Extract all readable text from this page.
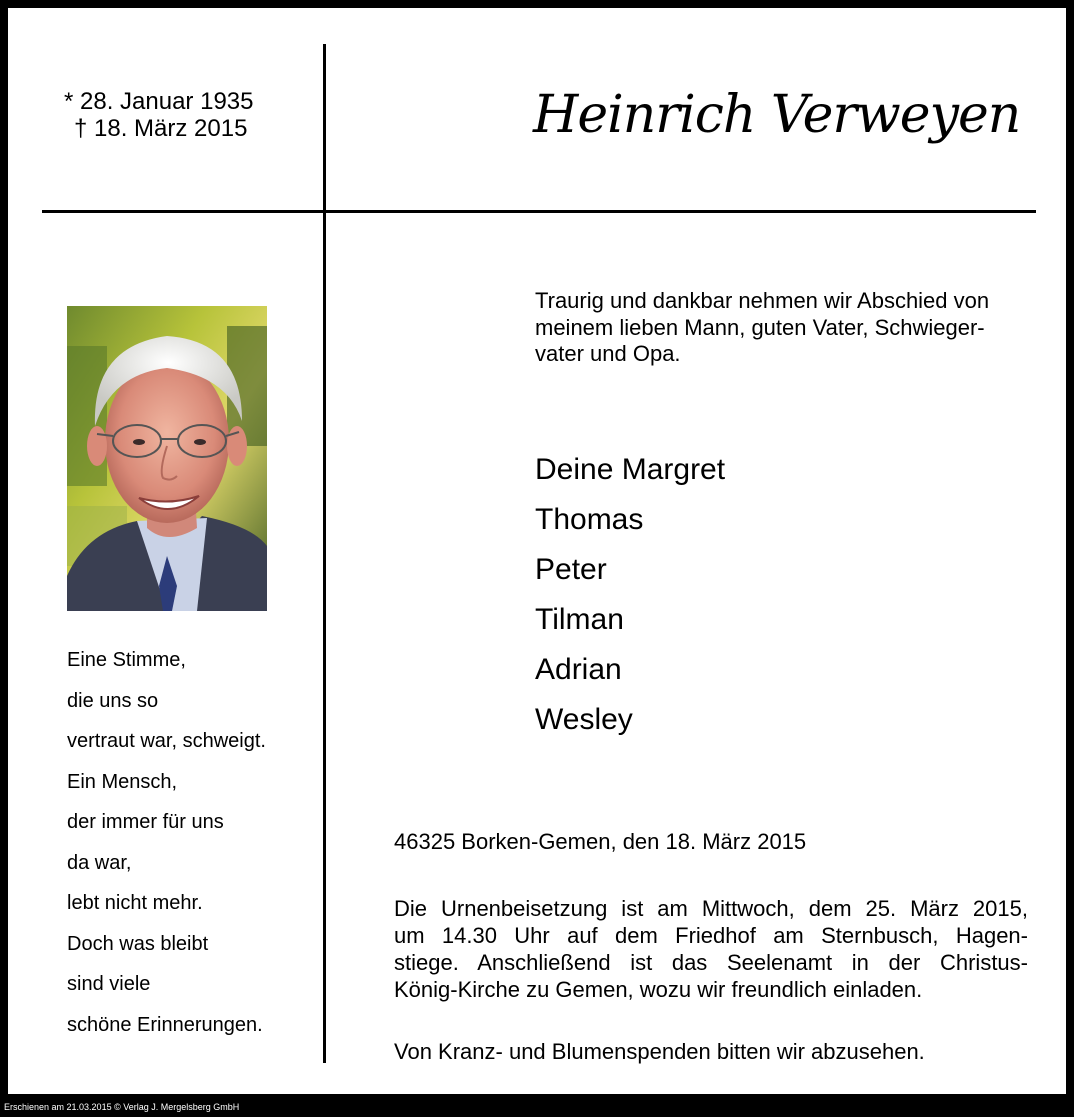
* 28. Januar 1935
† 18. März 2015	Heinrich Verweyen
Eine Stimme,
die uns so
vertraut war, schweigt.
Ein Mensch,
der immer für uns
da war,
lebt nicht mehr.
Doch was bleibt
sind viele
schöne Erinnerungen.
Traurig und dankbar nehmen wir Abschied von
meinem lieben Mann, guten Vater, Schwieger-
vater und Opa.
Deine Margret
Thomas
Peter
Tilman
Adrian
Wesley
46325 Borken-Gemen, den 18. März 2015
Die Urnenbeisetzung ist am Mittwoch, dem 25. März 2015,
um 14.30 Uhr auf dem Friedhof am Sternbusch, Hagen-
stiege. Anschließend ist das Seelenamt in der Christus-
König-Kirche zu Gemen, wozu wir freundlich einladen.
Von Kranz- und Blumenspenden bitten wir abzusehen.
Erschienen am 21.03.2015 © Verlag J. Mergelsberg GmbH
